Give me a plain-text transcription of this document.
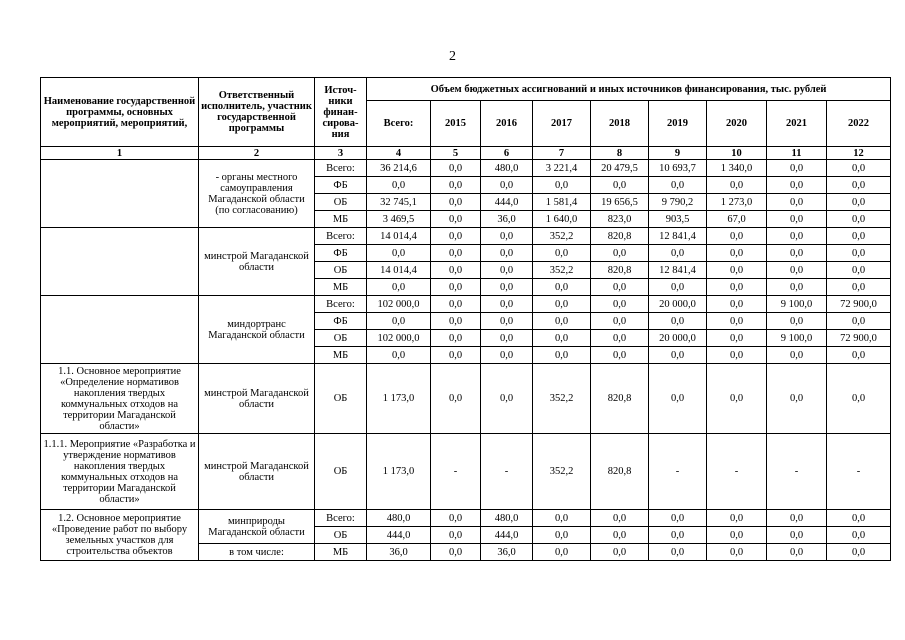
2
Наименование государственной программы, основных мероприятий, мероприятий,	Ответственный исполнитель, участник государственной программы	Источ-ники финан-сирова-ния	Объем бюджетных ассигнований и иных источников финансирования, тыс. рублей								
			Всего:	2015	2016	2017	2018	2019	2020	2021	2022
1	2	3	4	5	6	7	8	9	10	11	12
	- органы местного самоуправления Магаданской области (по согласованию)	Всего:	36 214,6	0,0	480,0	3 221,4	20 479,5	10 693,7	1 340,0	0,0	0,0
		ФБ	0,0	0,0	0,0	0,0	0,0	0,0	0,0	0,0	0,0
		ОБ	32 745,1	0,0	444,0	1 581,4	19 656,5	9 790,2	1 273,0	0,0	0,0
		МБ	3 469,5	0,0	36,0	1 640,0	823,0	903,5	67,0	0,0	0,0
	минстрой Магаданской области	Всего:	14 014,4	0,0	0,0	352,2	820,8	12 841,4	0,0	0,0	0,0
		ФБ	0,0	0,0	0,0	0,0	0,0	0,0	0,0	0,0	0,0
		ОБ	14 014,4	0,0	0,0	352,2	820,8	12 841,4	0,0	0,0	0,0
		МБ	0,0	0,0	0,0	0,0	0,0	0,0	0,0	0,0	0,0
	миндортранс Магаданской области	Всего:	102 000,0	0,0	0,0	0,0	0,0	20 000,0	0,0	9 100,0	72 900,0
		ФБ	0,0	0,0	0,0	0,0	0,0	0,0	0,0	0,0	0,0
		ОБ	102 000,0	0,0	0,0	0,0	0,0	20 000,0	0,0	9 100,0	72 900,0
		МБ	0,0	0,0	0,0	0,0	0,0	0,0	0,0	0,0	0,0
1.1. Основное мероприятие «Определение нормативов накопления твердых коммунальных отходов на территории Магаданской области»	минстрой Магаданской области	ОБ	1 173,0	0,0	0,0	352,2	820,8	0,0	0,0	0,0	0,0
1.1.1. Мероприятие «Разработка и утверждение нормативов накопления твердых коммунальных отходов на территории Магаданской области»	минстрой Магаданской области	ОБ	1 173,0	-	-	352,2	820,8	-	-	-	-
1.2. Основное мероприятие «Проведение работ по выбору земельных участков для строительства объектов	минприроды Магаданской области	Всего:	480,0	0,0	480,0	0,0	0,0	0,0	0,0	0,0	0,0
		ОБ	444,0	0,0	444,0	0,0	0,0	0,0	0,0	0,0	0,0
	в том числе:	МБ	36,0	0,0	36,0	0,0	0,0	0,0	0,0	0,0	0,0
